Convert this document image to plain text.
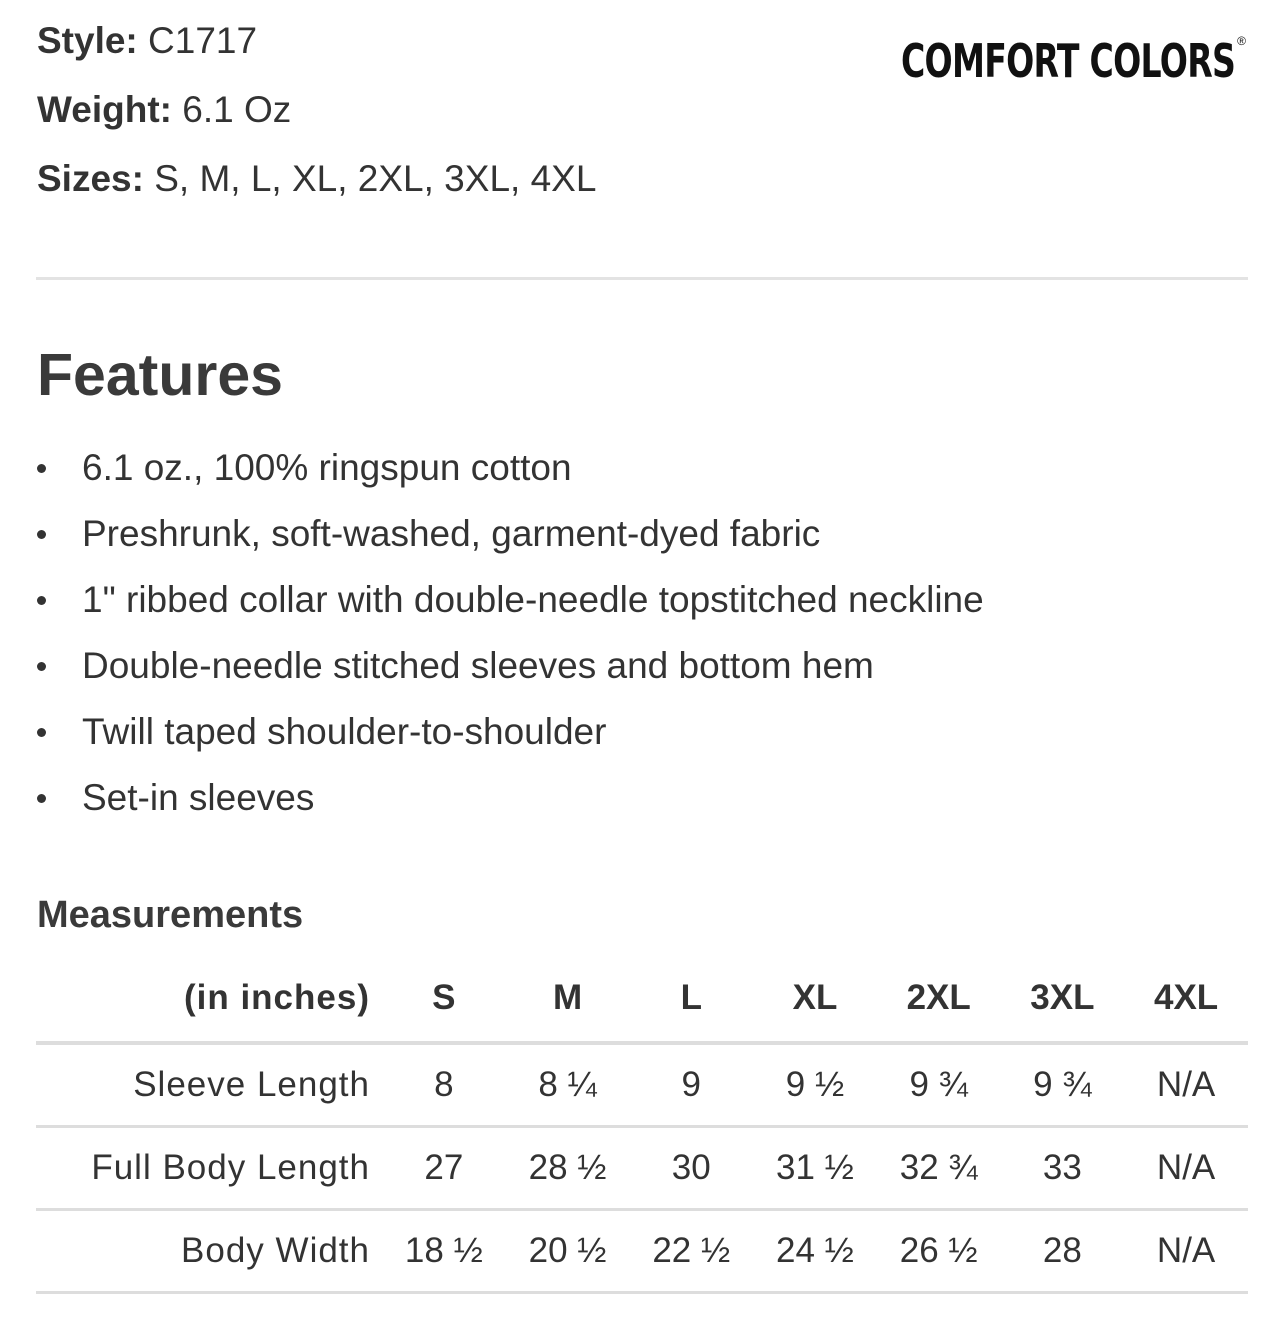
Style: C1717
Weight: 6.1 Oz
Sizes: S, M, L, XL, 2XL, 3XL, 4XL
COMFORT COLORS ®
Features
6.1 oz., 100% ringspun cotton
Preshrunk, soft-washed, garment-dyed fabric
1" ribbed collar with double-needle topstitched neckline
Double-needle stitched sleeves and bottom hem
Twill taped shoulder-to-shoulder
Set-in sleeves
Measurements
(in inches)	S	M	L	XL	2XL	3XL	4XL
Sleeve Length	8	8 ¼	9	9 ½	9 ¾	9 ¾	N/A
Full Body Length	27	28 ½	30	31 ½	32 ¾	33	N/A
Body Width	18 ½	20 ½	22 ½	24 ½	26 ½	28	N/A
